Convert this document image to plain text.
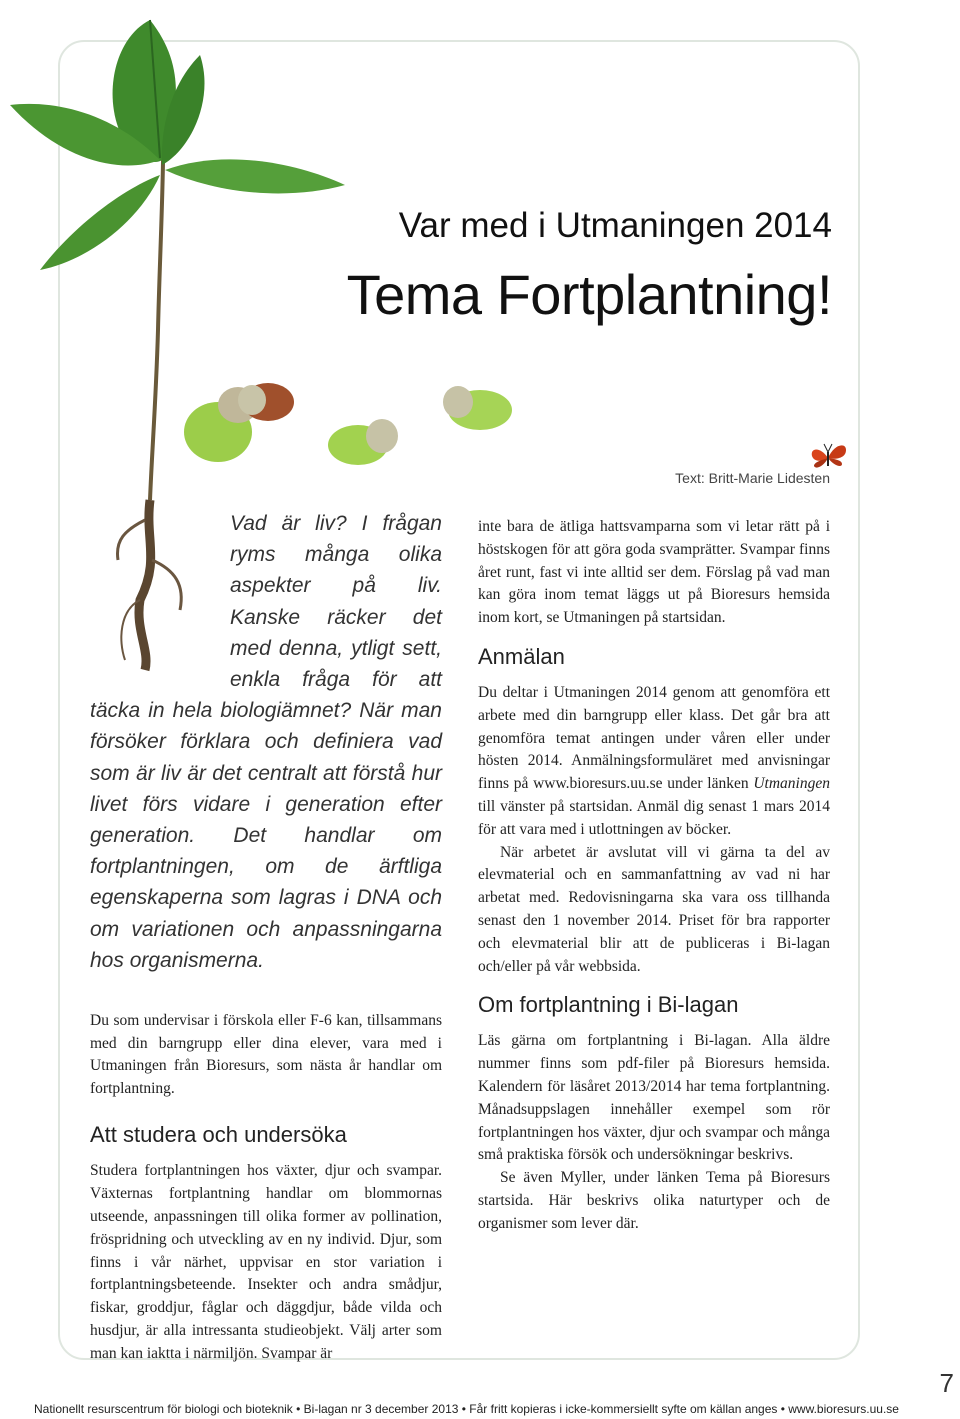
Var med i Utmaningen 2014
Tema Fortplantning!
Text: Britt-Marie Lidesten

Vad är liv? I frågan ryms många olika aspekter på liv. Kanske räcker det med denna, ytligt sett, enkla fråga för att täcka in hela biologiämnet? När man försöker förklara och definiera vad som är liv är det centralt att förstå hur livet förs vidare i generation efter generation. Det handlar om fortplantningen, om de ärftliga egenskaperna som lagras i DNA och om variationen och anpassningarna hos organismerna.

Du som undervisar i förskola eller F-6 kan, tillsammans med din barngrupp eller dina elever, vara med i Utmaningen från Bioresurs, som nästa år handlar om fortplantning.

Att studera och undersöka

Studera fortplantningen hos växter, djur och svampar. Växternas fortplantning handlar om blommornas utseende, anpassningen till olika former av pollination, fröspridning och utveckling av en ny individ. Djur, som finns i vår närhet, uppvisar en stor variation i fortplantningsbeteende. Insekter och andra smådjur, fiskar, groddjur, fåglar och däggdjur, både vilda och husdjur, är alla intressanta studieobjekt. Välj arter som man kan iaktta i närmiljön. Svampar är

inte bara de ätliga hattsvamparna som vi letar rätt på i höstskogen för att göra goda svamprätter. Svampar finns året runt, fast vi inte alltid ser dem. Förslag på vad man kan göra inom temat läggs ut på Bioresurs hemsida inom kort, se Utmaningen på startsidan.

Anmälan

Du deltar i Utmaningen 2014 genom att genomföra ett arbete med din barngrupp eller klass. Det går bra att genomföra temat antingen under våren eller under hösten 2014. Anmälningsformuläret med anvisningar finns på www.bioresurs.uu.se under länken Utmaningen till vänster på startsidan. Anmäl dig senast 1 mars 2014 för att vara med i utlottningen av böcker.

När arbetet är avslutat vill vi gärna ta del av elevmaterial och en sammanfattning av vad ni har arbetat med. Redovisningarna ska vara oss tillhanda senast den 1 november 2014. Priset för bra rapporter och elevmaterial blir att de publiceras i Bi-lagan och/eller på vår webbsida.

Om fortplantning i Bi-lagan

Läs gärna om fortplantning i Bi-lagan. Alla äldre nummer finns som pdf-filer på Bioresurs hemsida. Kalendern för läsåret 2013/2014 har tema fortplantning. Månadsuppslagen innehåller exempel som rör fortplantningen hos växter, djur och svampar och många små praktiska försök och undersökningar beskrivs.

Se även Myller, under länken Tema på Bioresurs startsida. Här beskrivs olika naturtyper och de organismer som lever där.

7
Nationellt resurscentrum för biologi och bioteknik • Bi-lagan nr 3 december 2013 • Får fritt kopieras i icke-kommersiellt syfte om källan anges • www.bioresurs.uu.se
